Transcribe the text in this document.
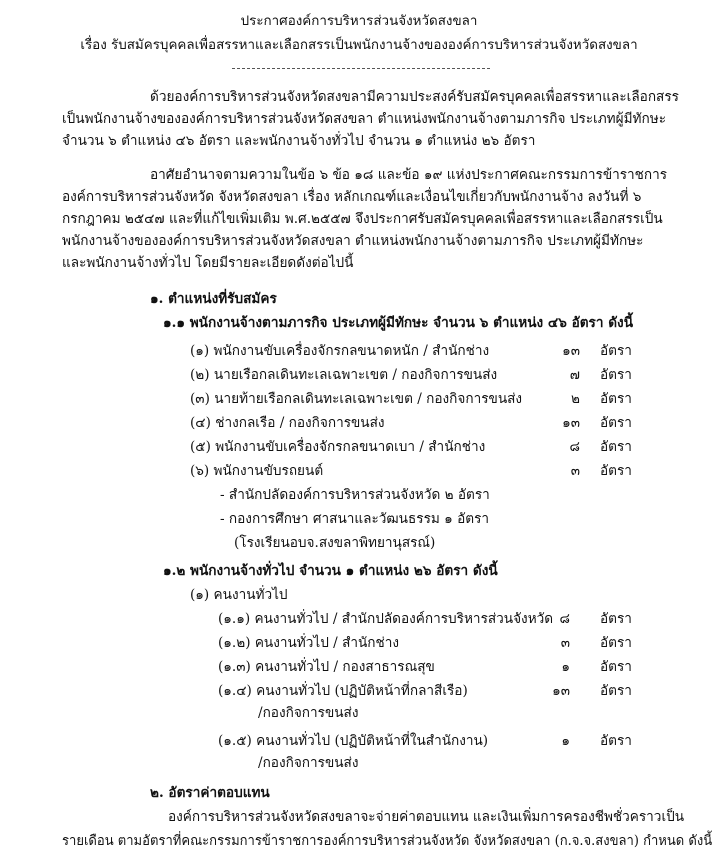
ประกาศองค์การบริหารส่วนจังหวัดสงขลา
เรื่อง รับสมัครบุคคลเพื่อสรรหาและเลือกสรรเป็นพนักงานจ้างขององค์การบริหารส่วนจังหวัดสงขลา
ด้วยองค์การบริหารส่วนจังหวัดสงขลามีความประสงค์รับสมัครบุคคลเพื่อสรรหาและเลือกสรร
เป็นพนักงานจ้างขององค์การบริหารส่วนจังหวัดสงขลา ตำแหน่งพนักงานจ้างตามภารกิจ ประเภทผู้มีทักษะ
จำนวน ๖ ตำแหน่ง ๔๖ อัตรา และพนักงานจ้างทั่วไป จำนวน ๑ ตำแหน่ง ๒๖ อัตรา
อาศัยอำนาจตามความในข้อ ๖ ข้อ ๑๘ และข้อ ๑๙ แห่งประกาศคณะกรรมการข้าราชการ
องค์การบริหารส่วนจังหวัด จังหวัดสงขลา เรื่อง หลักเกณฑ์และเงื่อนไขเกี่ยวกับพนักงานจ้าง ลงวันที่ ๖
กรกฎาคม ๒๕๔๗ และที่แก้ไขเพิ่มเติม พ.ศ.๒๕๕๗ จึงประกาศรับสมัครบุคคลเพื่อสรรหาและเลือกสรรเป็น
พนักงานจ้างขององค์การบริหารส่วนจังหวัดสงขลา ตำแหน่งพนักงานจ้างตามภารกิจ ประเภทผู้มีทักษะ
และพนักงานจ้างทั่วไป โดยมีรายละเอียดดังต่อไปนี้
๑. ตำแหน่งที่รับสมัคร
๑.๑ พนักงานจ้างตามภารกิจ ประเภทผู้มีทักษะ จำนวน ๖ ตำแหน่ง ๔๖ อัตรา ดังนี้
(๑) พนักงานขับเครื่องจักรกลขนาดหนัก / สำนักช่าง	๑๓ อัตรา
(๒) นายเรือกลเดินทะเลเฉพาะเขต / กองกิจการขนส่ง	๗ อัตรา
(๓) นายท้ายเรือกลเดินทะเลเฉพาะเขต / กองกิจการขนส่ง	๒ อัตรา
(๔) ช่างกลเรือ / กองกิจการขนส่ง	๑๓ อัตรา
(๕) พนักงานขับเครื่องจักรกลขนาดเบา / สำนักช่าง	๘ อัตรา
(๖) พนักงานขับรถยนต์	๓ อัตรา
- สำนักปลัดองค์การบริหารส่วนจังหวัด ๒ อัตรา
- กองการศึกษา ศาสนาและวัฒนธรรม ๑ อัตรา
(โรงเรียนอบจ.สงขลาพิทยานุสรณ์)
๑.๒ พนักงานจ้างทั่วไป จำนวน ๑ ตำแหน่ง ๒๖ อัตรา ดังนี้
(๑) คนงานทั่วไป
(๑.๑) คนงานทั่วไป / สำนักปลัดองค์การบริหารส่วนจังหวัด ๘ อัตรา
(๑.๒) คนงานทั่วไป / สำนักช่าง	๓ อัตรา
(๑.๓) คนงานทั่วไป / กองสาธารณสุข	๑ อัตรา
(๑.๔) คนงานทั่วไป (ปฏิบัติหน้าที่กลาสีเรือ)	๑๓ อัตรา
/กองกิจการขนส่ง
(๑.๕) คนงานทั่วไป (ปฏิบัติหน้าที่ในสำนักงาน)	๑ อัตรา
/กองกิจการขนส่ง
๒. อัตราค่าตอบแทน
องค์การบริหารส่วนจังหวัดสงขลาจะจ่ายค่าตอบแทน และเงินเพิ่มการครองชีพชั่วคราวเป็น
รายเดือน ตามอัตราที่คณะกรรมการข้าราชการองค์การบริหารส่วนจังหวัด จังหวัดสงขลา (ก.จ.จ.สงขลา) กำหนด ดังนี้
